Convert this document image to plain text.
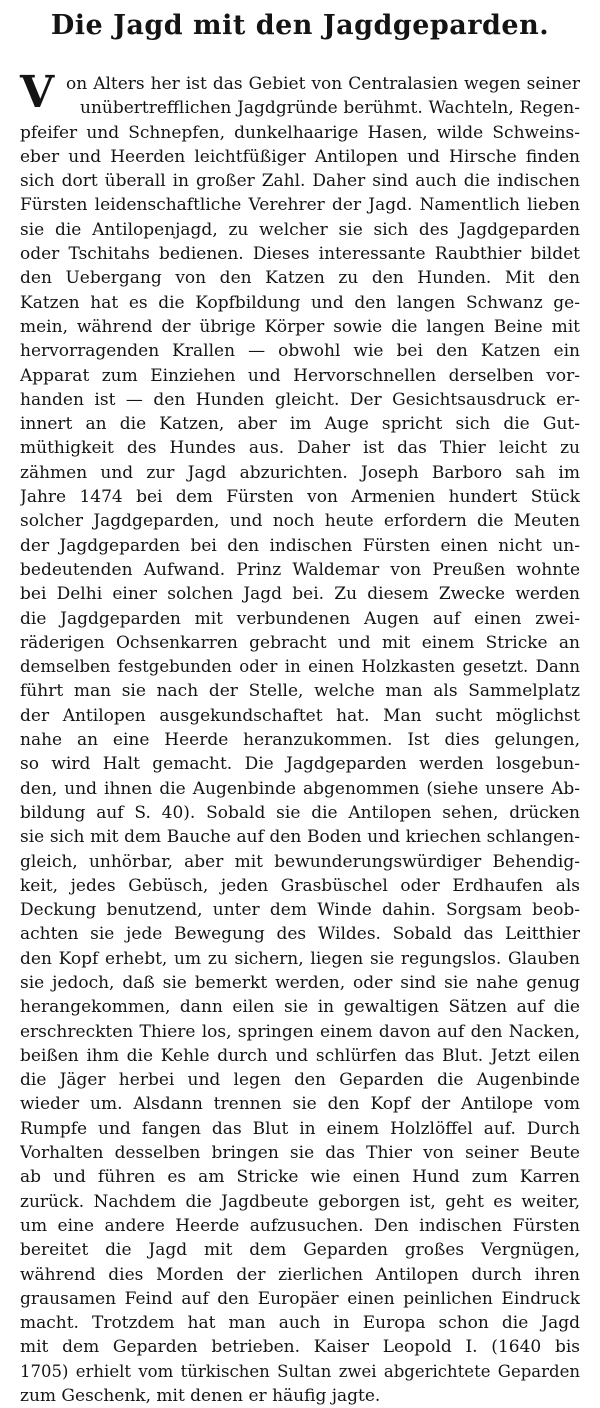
Die Jagd mit den Jagdgeparden.
V on Alters her ist das Gebiet von Centralasien wegen seiner
unübertrefflichen Jagdgründe berühmt. Wachteln, Regen-
pfeifer und Schnepfen, dunkelhaarige Hasen, wilde Schweins-
eber und Heerden leichtfüßiger Antilopen und Hirsche finden
sich dort überall in großer Zahl. Daher sind auch die indischen
Fürsten leidenschaftliche Verehrer der Jagd. Namentlich lieben
sie die Antilopenjagd, zu welcher sie sich des Jagdgeparden
oder Tschitahs bedienen. Dieses interessante Raubthier bildet
den Uebergang von den Katzen zu den Hunden. Mit den
Katzen hat es die Kopfbildung und den langen Schwanz ge-
mein, während der übrige Körper sowie die langen Beine mit
hervorragenden Krallen — obwohl wie bei den Katzen ein
Apparat zum Einziehen und Hervorschnellen derselben vor-
handen ist — den Hunden gleicht. Der Gesichtsausdruck er-
innert an die Katzen, aber im Auge spricht sich die Gut-
müthigkeit des Hundes aus. Daher ist das Thier leicht zu
zähmen und zur Jagd abzurichten. Joseph Barboro sah im
Jahre 1474 bei dem Fürsten von Armenien hundert Stück
solcher Jagdgeparden, und noch heute erfordern die Meuten
der Jagdgeparden bei den indischen Fürsten einen nicht un-
bedeutenden Aufwand. Prinz Waldemar von Preußen wohnte
bei Delhi einer solchen Jagd bei. Zu diesem Zwecke werden
die Jagdgeparden mit verbundenen Augen auf einen zwei-
räderigen Ochsenkarren gebracht und mit einem Stricke an
demselben festgebunden oder in einen Holzkasten gesetzt. Dann
führt man sie nach der Stelle, welche man als Sammelplatz
der Antilopen ausgekundschaftet hat. Man sucht möglichst
nahe an eine Heerde heranzukommen. Ist dies gelungen,
so wird Halt gemacht. Die Jagdgeparden werden losgebun-
den, und ihnen die Augenbinde abgenommen (siehe unsere Ab-
bildung auf S. 40). Sobald sie die Antilopen sehen, drücken
sie sich mit dem Bauche auf den Boden und kriechen schlangen-
gleich, unhörbar, aber mit bewunderungswürdiger Behendig-
keit, jedes Gebüsch, jeden Grasbüschel oder Erdhaufen als
Deckung benutzend, unter dem Winde dahin. Sorgsam beob-
achten sie jede Bewegung des Wildes. Sobald das Leitthier
den Kopf erhebt, um zu sichern, liegen sie regungslos. Glauben
sie jedoch, daß sie bemerkt werden, oder sind sie nahe genug
herangekommen, dann eilen sie in gewaltigen Sätzen auf die
erschreckten Thiere los, springen einem davon auf den Nacken,
beißen ihm die Kehle durch und schlürfen das Blut. Jetzt eilen
die Jäger herbei und legen den Geparden die Augenbinde
wieder um. Alsdann trennen sie den Kopf der Antilope vom
Rumpfe und fangen das Blut in einem Holzlöffel auf. Durch
Vorhalten desselben bringen sie das Thier von seiner Beute
ab und führen es am Stricke wie einen Hund zum Karren
zurück. Nachdem die Jagdbeute geborgen ist, geht es weiter,
um eine andere Heerde aufzusuchen. Den indischen Fürsten
bereitet die Jagd mit dem Geparden großes Vergnügen,
während dies Morden der zierlichen Antilopen durch ihren
grausamen Feind auf den Europäer einen peinlichen Eindruck
macht. Trotzdem hat man auch in Europa schon die Jagd
mit dem Geparden betrieben. Kaiser Leopold I. (1640 bis
1705) erhielt vom türkischen Sultan zwei abgerichtete Geparden
zum Geschenk, mit denen er häufig jagte.
